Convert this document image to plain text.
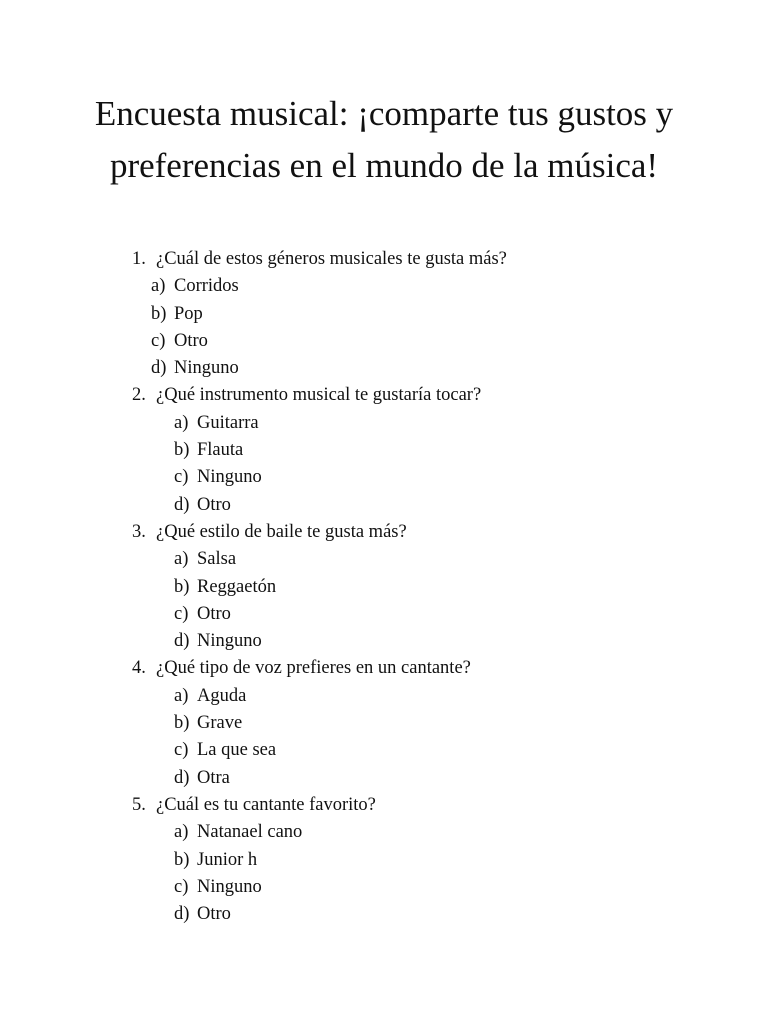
Encuesta musical: ¡comparte tus gustos y preferencias en el mundo de la música!
1. ¿Cuál de estos géneros musicales te gusta más?
a) Corridos
b) Pop
c) Otro
d) Ninguno
2. ¿Qué instrumento musical te gustaría tocar?
a) Guitarra
b) Flauta
c) Ninguno
d) Otro
3. ¿Qué estilo de baile te gusta más?
a) Salsa
b) Reggaetón
c) Otro
d) Ninguno
4. ¿Qué tipo de voz prefieres en un cantante?
a) Aguda
b) Grave
c) La que sea
d) Otra
5. ¿Cuál es tu cantante favorito?
a) Natanael cano
b) Junior h
c) Ninguno
d) Otro
